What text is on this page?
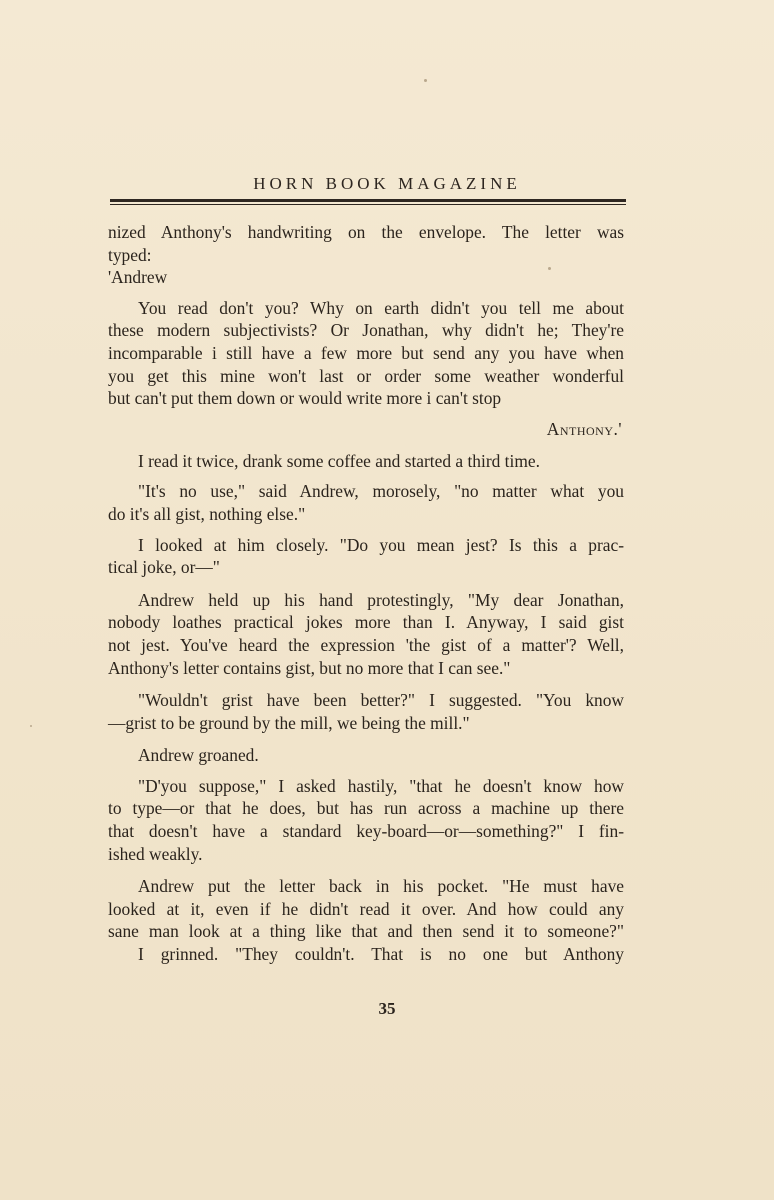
HORN BOOK MAGAZINE
nized Anthony's handwriting on the envelope. The letter was
typed:
'Andrew
You read don't you? Why on earth didn't you tell me about
these modern subjectivists? Or Jonathan, why didn't he; They're
incomparable i still have a few more but send any you have when
you get this mine won't last or order some weather wonderful
but can't put them down or would write more i can't stop
Anthony.'
I read it twice, drank some coffee and started a third time.
"It's no use," said Andrew, morosely, "no matter what you
do it's all gist, nothing else."
I looked at him closely. "Do you mean jest? Is this a prac-
tical joke, or—"
Andrew held up his hand protestingly, "My dear Jonathan,
nobody loathes practical jokes more than I. Anyway, I said gist
not jest. You've heard the expression 'the gist of a matter'? Well,
Anthony's letter contains gist, but no more that I can see."
"Wouldn't grist have been better?" I suggested. "You know
—grist to be ground by the mill, we being the mill."
Andrew groaned.
"D'you suppose," I asked hastily, "that he doesn't know how
to type—or that he does, but has run across a machine up there
that doesn't have a standard key-board—or—something?" I fin-
ished weakly.
Andrew put the letter back in his pocket. "He must have
looked at it, even if he didn't read it over. And how could any
sane man look at a thing like that and then send it to someone?"
I grinned. "They couldn't. That is no one but Anthony
35
